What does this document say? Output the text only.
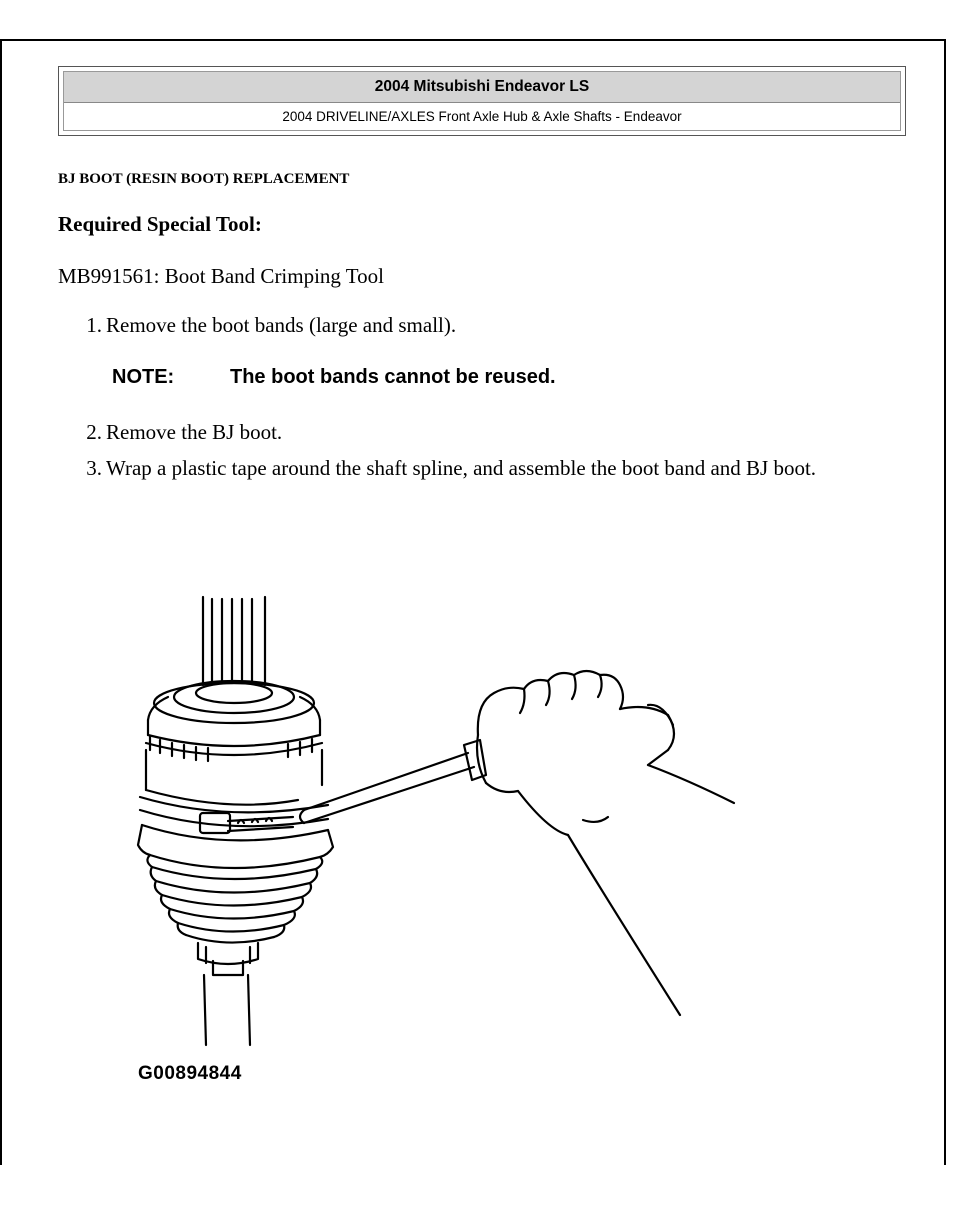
2004 Mitsubishi Endeavor LS
2004 DRIVELINE/AXLES Front Axle Hub & Axle Shafts - Endeavor
BJ BOOT (RESIN BOOT) REPLACEMENT
Required Special Tool:
MB991561: Boot Band Crimping Tool
1. Remove the boot bands (large and small).
NOTE:	The boot bands cannot be reused.
2. Remove the BJ boot.
3. Wrap a plastic tape around the shaft spline, and assemble the boot band and BJ boot.
G00894844
